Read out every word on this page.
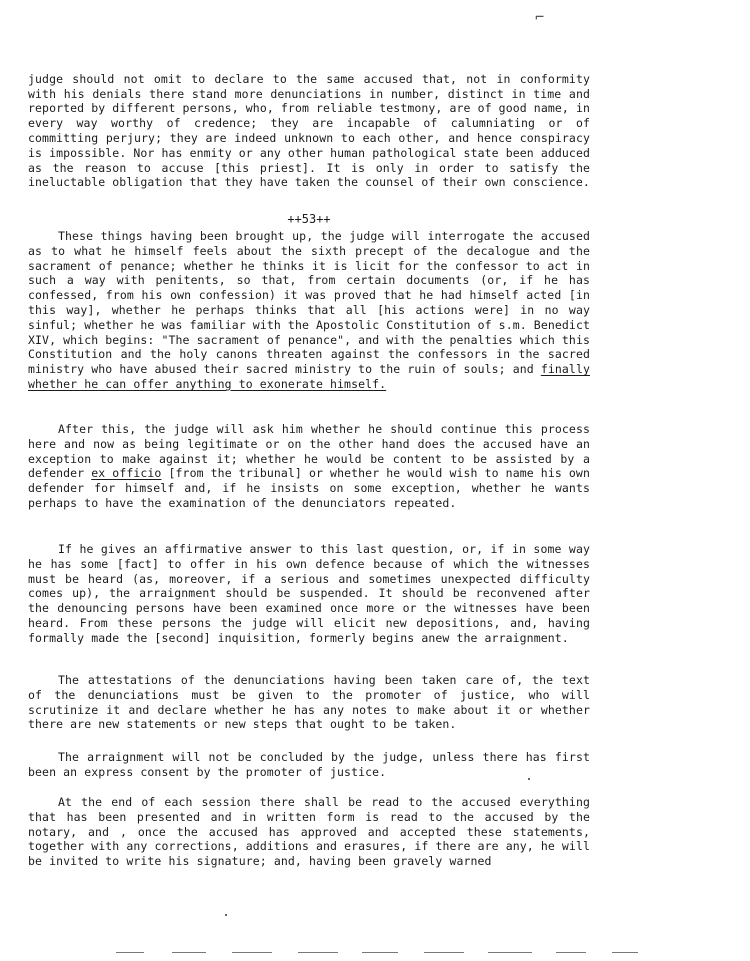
⌐

judge should not omit to declare to the same accused that, not in conformity with his denials there stand more denunciations in number, distinct in time and reported by different persons, who, from reliable testmony, are of good name, in every way worthy of credence; they are incapable of calumniating or of committing perjury; they are indeed unknown to each other, and hence conspiracy is impossible. Nor has enmity or any other human pathological state been adduced as the reason to accuse [this priest]. It is only in order to satisfy the ineluctable obligation that they have taken the counsel of their own conscience.

++53++

These things having been brought up, the judge will interrogate the accused as to what he himself feels about the sixth precept of the decalogue and the sacrament of penance; whether he thinks it is licit for the confessor to act in such a way with penitents, so that, from certain documents (or, if he has confessed, from his own confession) it was proved that he had himself acted [in this way], whether he perhaps thinks that all [his actions were] in no way sinful; whether he was familiar with the Apostolic Constitution of s.m. Benedict XIV, which begins: "The sacrament of penance", and with the penalties which this Constitution and the holy canons threaten against the confessors in the sacred ministry who have abused their sacred ministry to the ruin of souls; and finally whether he can offer anything to exonerate himself.

After this, the judge will ask him whether he should continue this process here and now as being legitimate or on the other hand does the accused have an exception to make against it; whether he would be content to be assisted by a defender ex officio [from the tribunal] or whether he would wish to name his own defender for himself and, if he insists on some exception, whether he wants perhaps to have the examination of the denunciators repeated.

If he gives an affirmative answer to this last question, or, if in some way he has some [fact] to offer in his own defence because of which the witnesses must be heard (as, moreover, if a serious and sometimes unexpected difficulty comes up), the arraignment should be suspended. It should be reconvened after the denouncing persons have been examined once more or the witnesses have been heard. From these persons the judge will elicit new depositions, and, having formally made the [second] inquisition, formerly begins anew the arraignment.

The attestations of the denunciations having been taken care of, the text of the denunciations must be given to the promoter of justice, who will scrutinize it and declare whether he has any notes to make about it or whether there are new statements or new steps that ought to be taken.

The arraignment will not be concluded by the judge, unless there has first been an express consent by the promoter of justice.

At the end of each session there shall be read to the accused everything that has been presented and in written form is read to the accused by the notary, and , once the accused has approved and accepted these statements, together with any corrections, additions and erasures, if there are any, he will be invited to write his signature; and, having been gravely warned
